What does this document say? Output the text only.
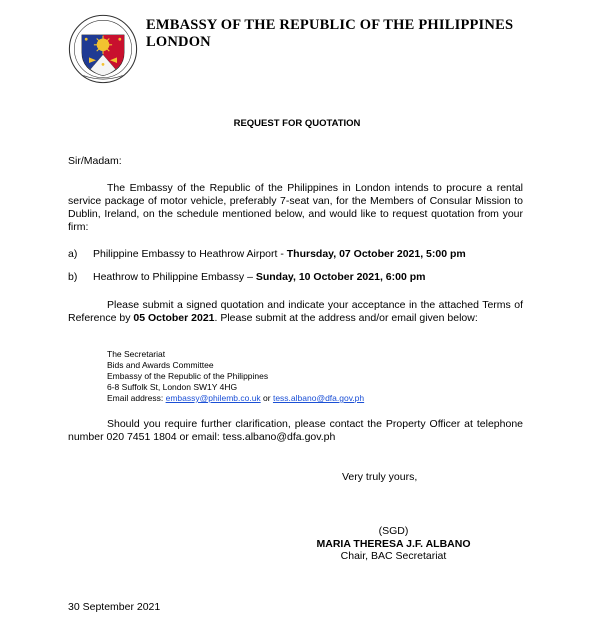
EMBASSY OF THE REPUBLIC OF THE PHILIPPINES
LONDON
REQUEST FOR QUOTATION
Sir/Madam:
The Embassy of the Republic of the Philippines in London intends to procure a rental service package of motor vehicle, preferably 7-seat van, for the Members of Consular Mission to Dublin, Ireland, on the schedule mentioned below, and would like to request quotation from your firm:
a) Philippine Embassy to Heathrow Airport - Thursday, 07 October 2021, 5:00 pm
b) Heathrow to Philippine Embassy – Sunday, 10 October 2021, 6:00 pm
Please submit a signed quotation and indicate your acceptance in the attached Terms of Reference by 05 October 2021. Please submit at the address and/or email given below:
The Secretariat
Bids and Awards Committee
Embassy of the Republic of the Philippines
6-8 Suffolk St, London SW1Y 4HG
Email address: embassy@philemb.co.uk or tess.albano@dfa.gov.ph
Should you require further clarification, please contact the Property Officer at telephone number 020 7451 1804 or email: tess.albano@dfa.gov.ph
Very truly yours,
(SGD)
MARIA THERESA J.F. ALBANO
Chair, BAC Secretariat
30 September 2021
